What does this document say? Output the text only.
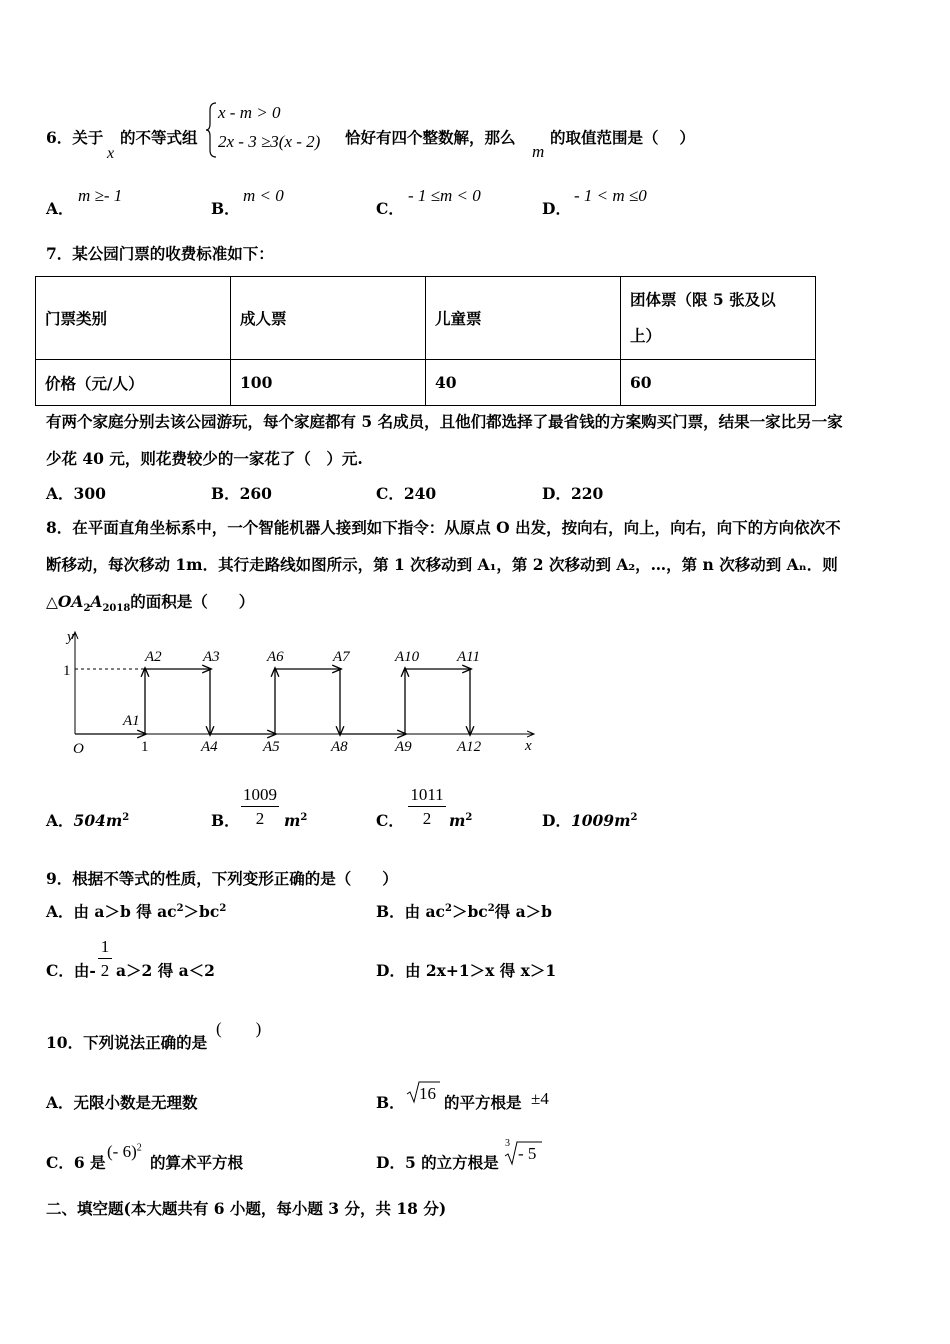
6．关于
x
的不等式组
x - m > 0
2x - 3 ≥3(x - 2) 恰好有四个整数解，那么
m
的取值范围是（　 ）
A．
m ≥- 1
B．
m < 0
C．
- 1 ≤m < 0
D．
- 1 < m ≤0
7．某公园门票的收费标准如下：
门票类别	成人票	儿童票	团体票（限 5 张及以
上）

价格（元/人）	100	40	60
有两个家庭分别去该公园游玩，每个家庭都有 5 名成员，且他们都选择了最省钱的方案购买门票，结果一家比另一家
少花 40 元，则花费较少的一家花了（　）元.
A．300	B．260	C．240	D．220
8．在平面直角坐标系中，一个智能机器人接到如下指令：从原点 O 出发，按向右，向上，向右，向下的方向依次不
断移动，每次移动 1m．其行走路线如图所示，第 1 次移动到 A₁，第 2 次移动到 A₂，…，第 n 次移动到 Aₙ．则
$\triangle OA_2A_{2018}$的面积是（　　）
y
x
O
1
1
A2	A3	A6	A7	A10	A11
A1
A4	A5	A8	A9	A12
A．$504m^2$	B．
1009
2	$m^2$	C．
1011
2	$m^2$	D．$1009m^2$
9．根据不等式的性质，下列变形正确的是（　　）
A．由 a＞b 得 $ac^2>bc^2$	B．由 $ac^2>bc^2$得 a＞b
C．由-
1
2 a＞2 得 a＜2	D．由 2x+1＞x 得 x＞1
10．下列说法正确的是
(　　)
A．无限小数是无理数	B． 16 的平方根是 ±4
C．6 是
(- 6)$^2$
的算术平方根	D．5 的立方根是
3
- 5
二、填空题(本大题共有 6 小题，每小题 3 分，共 18 分)
